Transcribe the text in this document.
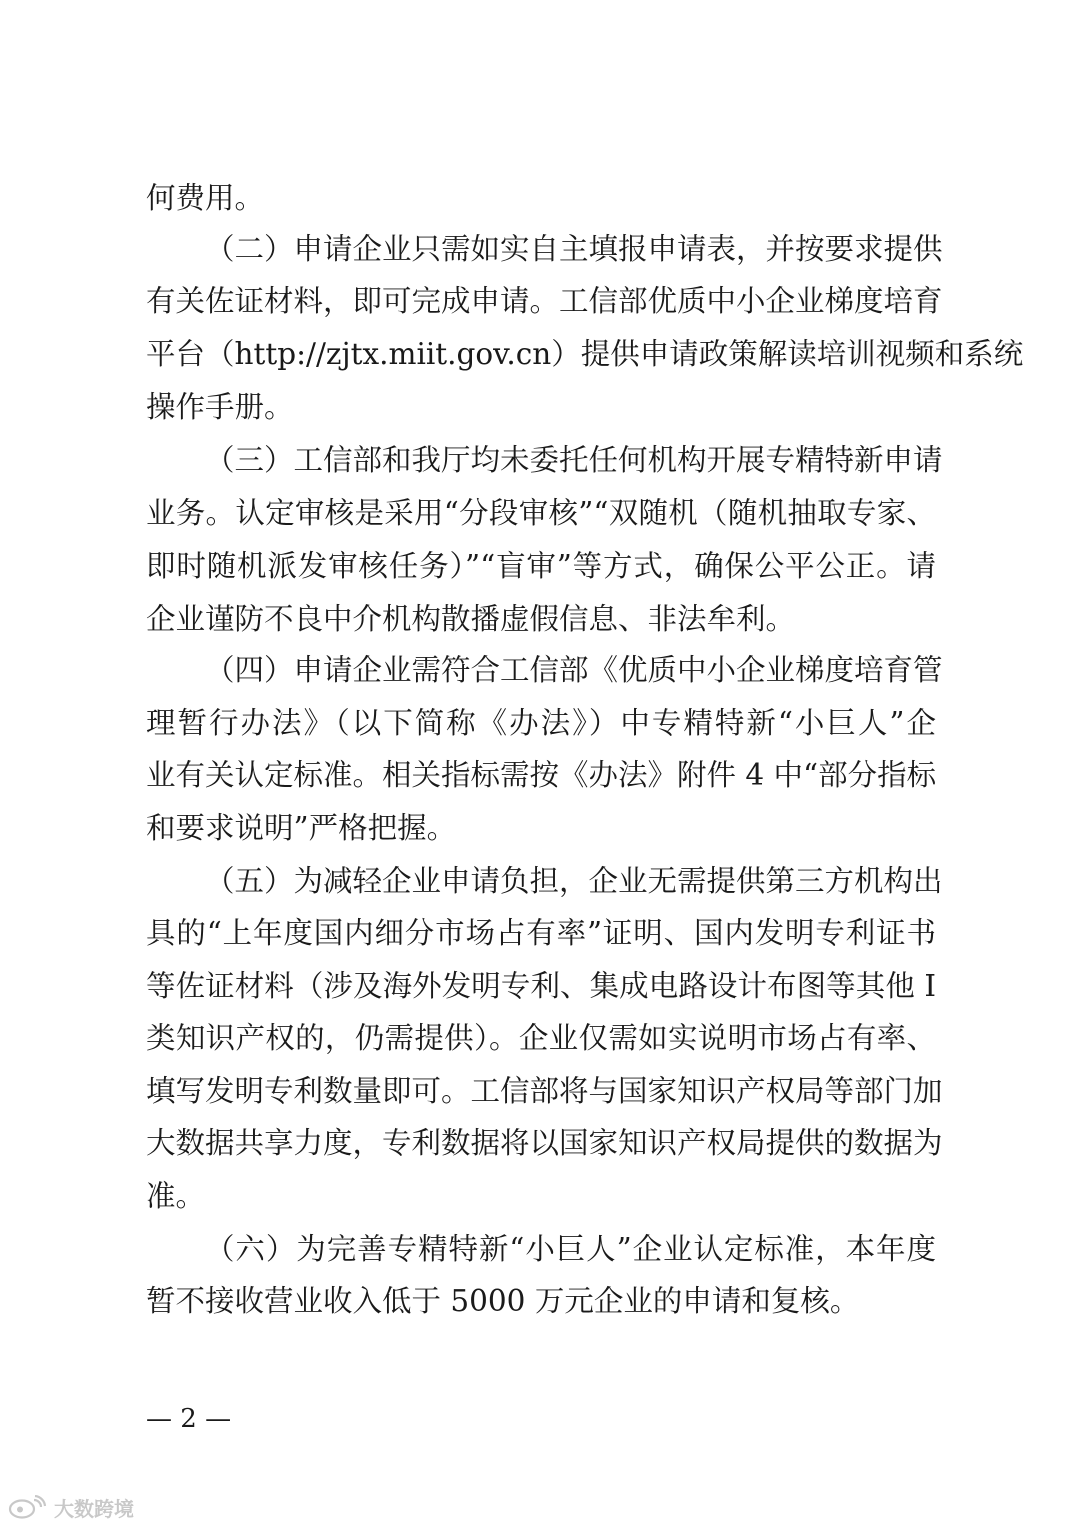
何费用。
（二）申请企业只需如实自主填报申请表，并按要求提供
有关佐证材料，即可完成申请。工信部优质中小企业梯度培育
平台（http://zjtx.miit.gov.cn）提供申请政策解读培训视频和系统
操作手册。
（三）工信部和我厅均未委托任何机构开展专精特新申请
业务。认定审核是采用“分段审核”“双随机（随机抽取专家、
即时随机派发审核任务）”“盲审”等方式，确保公平公正。请
企业谨防不良中介机构散播虚假信息、非法牟利。
（四）申请企业需符合工信部《优质中小企业梯度培育管
理暂行办法》（以下简称《办法》）中专精特新“小巨人”企
业有关认定标准。相关指标需按《办法》附件 4 中“部分指标
和要求说明”严格把握。
（五）为减轻企业申请负担，企业无需提供第三方机构出
具的“上年度国内细分市场占有率”证明、国内发明专利证书
等佐证材料（涉及海外发明专利、集成电路设计布图等其他 I
类知识产权的，仍需提供）。企业仅需如实说明市场占有率、
填写发明专利数量即可。工信部将与国家知识产权局等部门加
大数据共享力度，专利数据将以国家知识产权局提供的数据为
准。
（六）为完善专精特新“小巨人”企业认定标准，本年度
暂不接收营业收入低于 5000 万元企业的申请和复核。
— 2 —
大数跨境
